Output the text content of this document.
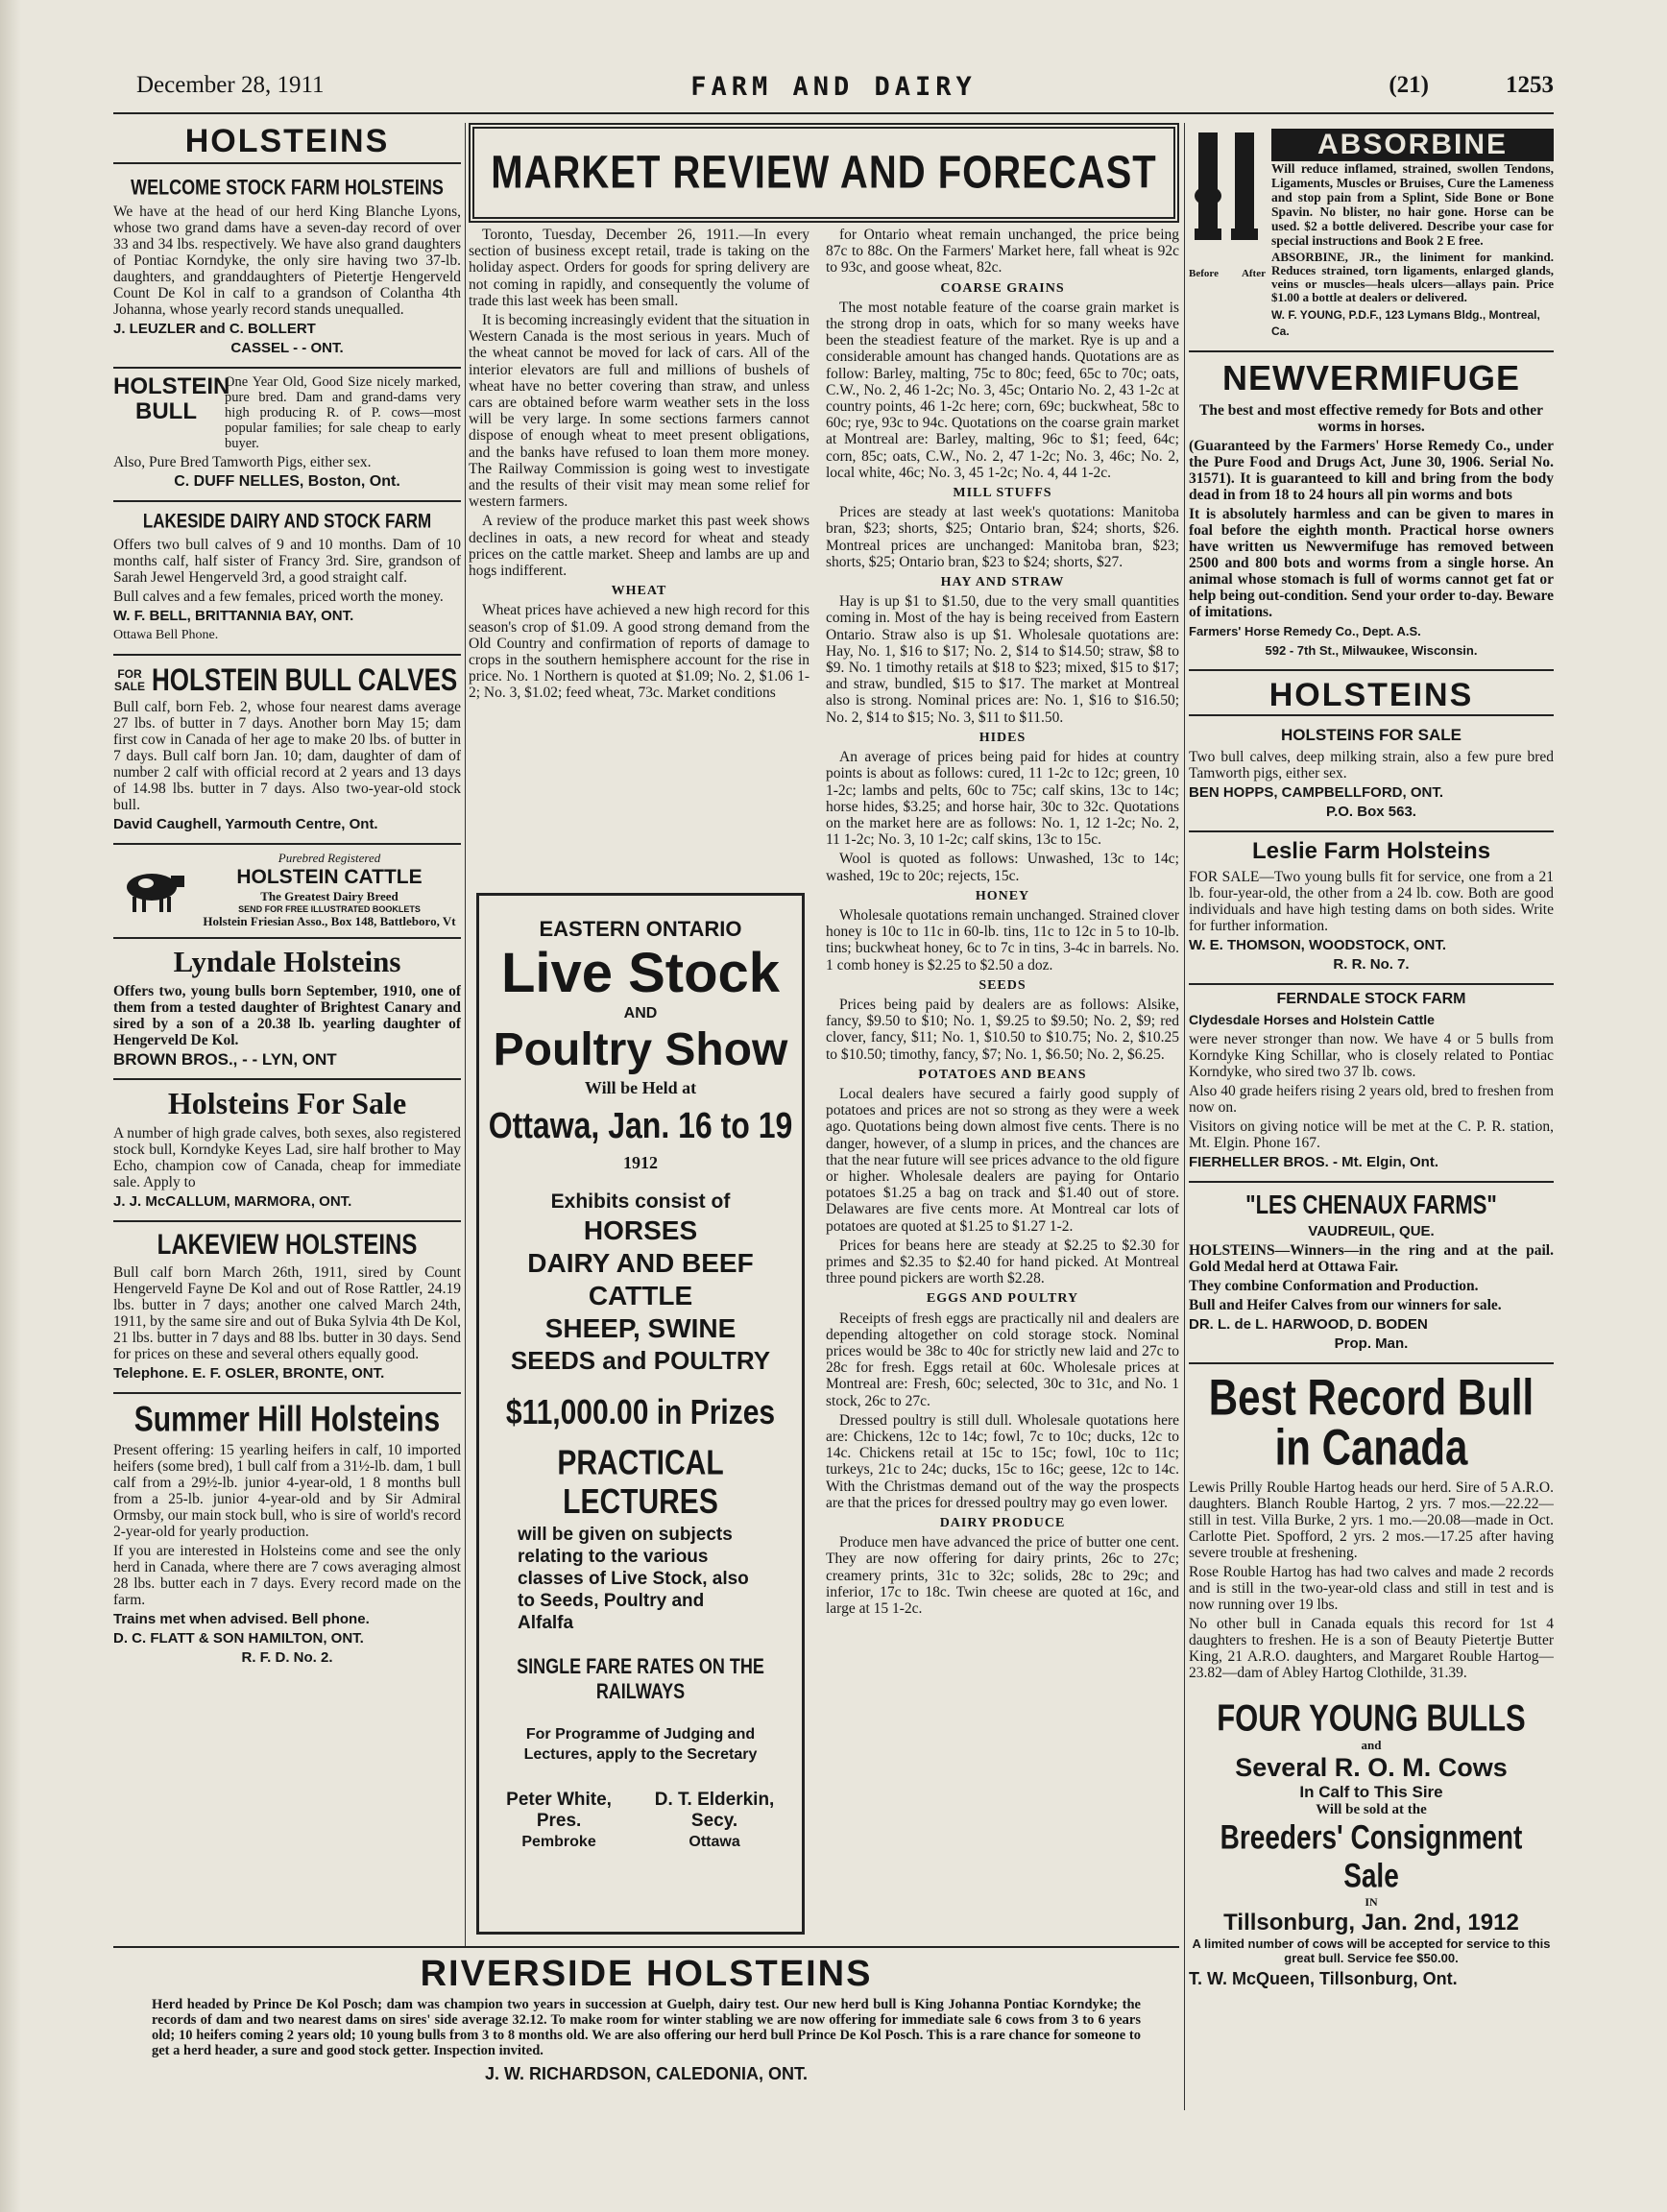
December 28, 1911	FARM AND DAIRY	(21)	1253
HOLSTEINS
WELCOME STOCK FARM HOLSTEINS

We have at the head of our herd King Blanche Lyons, whose two grand dams have a seven-day record of over 33 and 34 lbs. respectively. We have also grand daughters of Pontiac Korndyke, the only sire having two 37-lb. daughters, and granddaughters of Pietertje Hengerveld Count De Kol in calf to a grandson of Colantha 4th Johanna, whose yearly record stands unequalled.

J. LEUZLER and C. BOLLERT

CASSEL - - ONT.

HOLSTEIN BULL

One Year Old, Good Size nicely marked, pure bred. Dam and grand-dams very high producing R. of P. cows—most popular families; for sale cheap to early buyer.

Also, Pure Bred Tamworth Pigs, either sex.

C. DUFF NELLES, Boston, Ont.

LAKESIDE DAIRY AND STOCK FARM

Offers two bull calves of 9 and 10 months. Dam of 10 months calf, half sister of Francy 3rd. Sire, grandson of Sarah Jewel Hengerveld 3rd, a good straight calf.

Bull calves and a few females, priced worth the money.

W. F. BELL, BRITTANNIA BAY, ONT.

Ottawa Bell Phone.

FOR SALE HOLSTEIN BULL CALVES

Bull calf, born Feb. 2, whose four nearest dams average 27 lbs. of butter in 7 days. Another born May 15; dam first cow in Canada of her age to make 20 lbs. of butter in 7 days. Bull calf born Jan. 10; dam, daughter of dam of number 2 calf with official record at 2 years and 13 days of 14.98 lbs. butter in 7 days. Also two-year-old stock bull.

David Caughell, Yarmouth Centre, Ont.

Purebred Registered
HOLSTEIN CATTLE
The Greatest Dairy Breed
SEND FOR FREE ILLUSTRATED BOOKLETS
Holstein Friesian Asso., Box 148, Battleboro, Vt
Lyndale Holsteins

Offers two, young bulls born September, 1910, one of them from a tested daughter of Brightest Canary and sired by a son of a 20.38 lb. yearling daughter of Hengerveld De Kol.

BROWN BROS., - - LYN, ONT

Holsteins For Sale

A number of high grade calves, both sexes, also registered stock bull, Korndyke Keyes Lad, sire half brother to May Echo, champion cow of Canada, cheap for immediate sale. Apply to

J. J. McCALLUM, MARMORA, ONT.

LAKEVIEW HOLSTEINS

Bull calf born March 26th, 1911, sired by Count Hengerveld Fayne De Kol and out of Rose Rattler, 24.19 lbs. butter in 7 days; another one calved March 24th, 1911, by the same sire and out of Buka Sylvia 4th De Kol, 21 lbs. butter in 7 days and 88 lbs. butter in 30 days. Send for prices on these and several others equally good.

Telephone. E. F. OSLER, BRONTE, ONT.

Summer Hill Holsteins

Present offering: 15 yearling heifers in calf, 10 imported heifers (some bred), 1 bull calf from a 31½-lb. dam, 1 bull calf from a 29½-lb. junior 4-year-old, 1 8 months bull from a 25-lb. junior 4-year-old and by Sir Admiral Ormsby, our main stock bull, who is sire of world's record 2-year-old for yearly production.

If you are interested in Holsteins come and see the only herd in Canada, where there are 7 cows averaging almost 28 lbs. butter each in 7 days. Every record made on the farm.

Trains met when advised. Bell phone.

D. C. FLATT & SON HAMILTON, ONT.

R. F. D. No. 2.

MARKET REVIEW AND FORECAST

Toronto, Tuesday, December 26, 1911.—In every section of business except retail, trade is taking on the holiday aspect. Orders for goods for spring delivery are not coming in rapidly, and consequently the volume of trade this last week has been small.

It is becoming increasingly evident that the situation in Western Canada is the most serious in years. Much of the wheat cannot be moved for lack of cars. All of the interior elevators are full and millions of bushels of wheat have no better covering than straw, and unless cars are obtained before warm weather sets in the loss will be very large. In some sections farmers cannot dispose of enough wheat to meet present obligations, and the banks have refused to loan them more money. The Railway Commission is going west to investigate and the results of their visit may mean some relief for western farmers.

A review of the produce market this past week shows declines in oats, a new record for wheat and steady prices on the cattle market. Sheep and lambs are up and hogs indifferent.

WHEAT

Wheat prices have achieved a new high record for this season's crop of $1.09. A good strong demand from the Old Country and confirmation of reports of damage to crops in the southern hemisphere account for the rise in price. No. 1 Northern is quoted at $1.09; No. 2, $1.06 1-2; No. 3, $1.02; feed wheat, 73c. Market conditions

for Ontario wheat remain unchanged, the price being 87c to 88c. On the Farmers' Market here, fall wheat is 92c to 93c, and goose wheat, 82c.

COARSE GRAINS

The most notable feature of the coarse grain market is the strong drop in oats, which for so many weeks have been the steadiest feature of the market. Rye is up and a considerable amount has changed hands. Quotations are as follow: Barley, malting, 75c to 80c; feed, 65c to 70c; oats, C.W., No. 2, 46 1-2c; No. 3, 45c; Ontario No. 2, 43 1-2c at country points, 46 1-2c here; corn, 69c; buckwheat, 58c to 60c; rye, 93c to 94c. Quotations on the coarse grain market at Montreal are: Barley, malting, 96c to $1; feed, 64c; corn, 85c; oats, C.W., No. 2, 47 1-2c; No. 3, 46c; No. 2, local white, 46c; No. 3, 45 1-2c; No. 4, 44 1-2c.

MILL STUFFS

Prices are steady at last week's quotations: Manitoba bran, $23; shorts, $25; Ontario bran, $24; shorts, $26. Montreal prices are unchanged: Manitoba bran, $23; shorts, $25; Ontario bran, $23 to $24; shorts, $27.

HAY AND STRAW

Hay is up $1 to $1.50, due to the very small quantities coming in. Most of the hay is being received from Eastern Ontario. Straw also is up $1. Wholesale quotations are: Hay, No. 1, $16 to $17; No. 2, $14 to $14.50; straw, $8 to $9. No. 1 timothy retails at $18 to $23; mixed, $15 to $17; and straw, bundled, $15 to $17. The market at Montreal also is strong. Nominal prices are: No. 1, $16 to $16.50; No. 2, $14 to $15; No. 3, $11 to $11.50.

HIDES

An average of prices being paid for hides at country points is about as follows: cured, 11 1-2c to 12c; green, 10 1-2c; lambs and pelts, 60c to 75c; calf skins, 13c to 14c; horse hides, $3.25; and horse hair, 30c to 32c. Quotations on the market here are as follows: No. 1, 12 1-2c; No. 2, 11 1-2c; No. 3, 10 1-2c; calf skins, 13c to 15c.

Wool is quoted as follows: Unwashed, 13c to 14c; washed, 19c to 20c; rejects, 15c.

HONEY

Wholesale quotations remain unchanged. Strained clover honey is 10c to 11c in 60-lb. tins, 11c to 12c in 5 to 10-lb. tins; buckwheat honey, 6c to 7c in tins, 3-4c in barrels. No. 1 comb honey is $2.25 to $2.50 a doz.

SEEDS

Prices being paid by dealers are as follows: Alsike, fancy, $9.50 to $10; No. 1, $9.25 to $9.50; No. 2, $9; red clover, fancy, $11; No. 1, $10.50 to $10.75; No. 2, $10.25 to $10.50; timothy, fancy, $7; No. 1, $6.50; No. 2, $6.25.

POTATOES AND BEANS

Local dealers have secured a fairly good supply of potatoes and prices are not so strong as they were a week ago. Quotations being down almost five cents. There is no danger, however, of a slump in prices, and the chances are that the near future will see prices advance to the old figure or higher. Wholesale dealers are paying for Ontario potatoes $1.25 a bag on track and $1.40 out of store. Delawares are five cents more. At Montreal car lots of potatoes are quoted at $1.25 to $1.27 1-2.

Prices for beans here are steady at $2.25 to $2.30 for primes and $2.35 to $2.40 for hand picked. At Montreal three pound pickers are worth $2.28.

EGGS AND POULTRY

Receipts of fresh eggs are practically nil and dealers are depending altogether on cold storage stock. Nominal prices would be 38c to 40c for strictly new laid and 27c to 28c for fresh. Eggs retail at 60c. Wholesale prices at Montreal are: Fresh, 60c; selected, 30c to 31c, and No. 1 stock, 26c to 27c.

Dressed poultry is still dull. Wholesale quotations here are: Chickens, 12c to 14c; fowl, 7c to 10c; ducks, 12c to 14c. Chickens retail at 15c to 15c; fowl, 10c to 11c; turkeys, 21c to 24c; ducks, 15c to 16c; geese, 12c to 14c. With the Christmas demand out of the way the prospects are that the prices for dressed poultry may go even lower.

DAIRY PRODUCE

Produce men have advanced the price of butter one cent. They are now offering for dairy prints, 26c to 27c; creamery prints, 31c to 32c; solids, 28c to 29c; and inferior, 17c to 18c. Twin cheese are quoted at 16c, and large at 15 1-2c.

EASTERN ONTARIO
Live Stock
AND
Poultry Show
Will be Held at
Ottawa, Jan. 16 to 19
1912
Exhibits consist of
HORSES
DAIRY AND BEEF
CATTLE
SHEEP, SWINE
SEEDS and POULTRY
$11,000.00 in Prizes
PRACTICAL LECTURES
will be given on subjects relating to the various classes of Live Stock, also to Seeds, Poultry and Alfalfa
SINGLE FARE RATES ON THE RAILWAYS
For Programme of Judging and Lectures, apply to the Secretary
Peter White, Pres.
Pembroke
D. T. Elderkin, Secy.
Ottawa
Before After
ABSORBINE

Will reduce inflamed, strained, swollen Tendons, Ligaments, Muscles or Bruises, Cure the Lameness and stop pain from a Splint, Side Bone or Bone Spavin. No blister, no hair gone. Horse can be used. $2 a bottle delivered. Describe your case for special instructions and Book 2 E free.

ABSORBINE, JR., the liniment for mankind. Reduces strained, torn ligaments, enlarged glands, veins or muscles—heals ulcers—allays pain. Price $1.00 a bottle at dealers or delivered.

W. F. YOUNG, P.D.F., 123 Lymans Bldg., Montreal, Ca.

NEWVERMIFUGE

The best and most effective remedy for Bots and other worms in horses.

(Guaranteed by the Farmers' Horse Remedy Co., under the Pure Food and Drugs Act, June 30, 1906. Serial No. 31571). It is guaranteed to kill and bring from the body dead in from 18 to 24 hours all pin worms and bots

It is absolutely harmless and can be given to mares in foal before the eighth month. Practical horse owners have written us Newvermifuge has removed between 2500 and 800 bots and worms from a single horse. An animal whose stomach is full of worms cannot get fat or help being out-condition. Send your order to-day. Beware of imitations.

Farmers' Horse Remedy Co., Dept. A.S.

592 - 7th St., Milwaukee, Wisconsin.

HOLSTEINS
HOLSTEINS FOR SALE

Two bull calves, deep milking strain, also a few pure bred Tamworth pigs, either sex.

BEN HOPPS, CAMPBELLFORD, ONT.

P.O. Box 563.

Leslie Farm Holsteins

FOR SALE—Two young bulls fit for service, one from a 21 lb. four-year-old, the other from a 24 lb. cow. Both are good individuals and have high testing dams on both sides. Write for further information.

W. E. THOMSON, WOODSTOCK, ONT.

R. R. No. 7.

FERNDALE STOCK FARM

Clydesdale Horses and Holstein Cattle

were never stronger than now. We have 4 or 5 bulls from Korndyke King Schillar, who is closely related to Pontiac Korndyke, who sired two 37 lb. cows.

Also 40 grade heifers rising 2 years old, bred to freshen from now on.

Visitors on giving notice will be met at the C. P. R. station, Mt. Elgin. Phone 167.

FIERHELLER BROS. - Mt. Elgin, Ont.

"LES CHENAUX FARMS"

VAUDREUIL, QUE.

HOLSTEINS—Winners—in the ring and at the pail. Gold Medal herd at Ottawa Fair.

They combine Conformation and Production.

Bull and Heifer Calves from our winners for sale.

DR. L. de L. HARWOOD, D. BODEN

Prop. Man.

Best Record Bull
in Canada

Lewis Prilly Rouble Hartog heads our herd. Sire of 5 A.R.O. daughters. Blanch Rouble Hartog, 2 yrs. 7 mos.—22.22—still in test. Villa Burke, 2 yrs. 1 mo.—20.08—made in Oct. Carlotte Piet. Spofford, 2 yrs. 2 mos.—17.25 after having severe trouble at freshening.

Rose Rouble Hartog has had two calves and made 2 records and is still in the two-year-old class and still in test and is now running over 19 lbs.

No other bull in Canada equals this record for 1st 4 daughters to freshen. He is a son of Beauty Pietertje Butter King, 21 A.R.O. daughters, and Margaret Rouble Hartog—23.82—dam of Abley Hartog Clothilde, 31.39.

FOUR YOUNG BULLS
and
Several R. O. M. Cows
In Calf to This Sire
Will be sold at the
Breeders' Consignment Sale
IN
Tillsonburg, Jan. 2nd, 1912
A limited number of cows will be accepted for service to this great bull. Service fee $50.00.
T. W. McQueen, Tillsonburg, Ont.
RIVERSIDE HOLSTEINS

Herd headed by Prince De Kol Posch; dam was champion two years in succession at Guelph, dairy test. Our new herd bull is King Johanna Pontiac Korndyke; the records of dam and two nearest dams on sires' side average 32.12. To make room for winter stabling we are now offering for immediate sale 6 cows from 3 to 6 years old; 10 heifers coming 2 years old; 10 young bulls from 3 to 8 months old. We are also offering our herd bull Prince De Kol Posch. This is a rare chance for someone to get a herd header, a sure and good stock getter. Inspection invited.

J. W. RICHARDSON, CALEDONIA, ONT.
